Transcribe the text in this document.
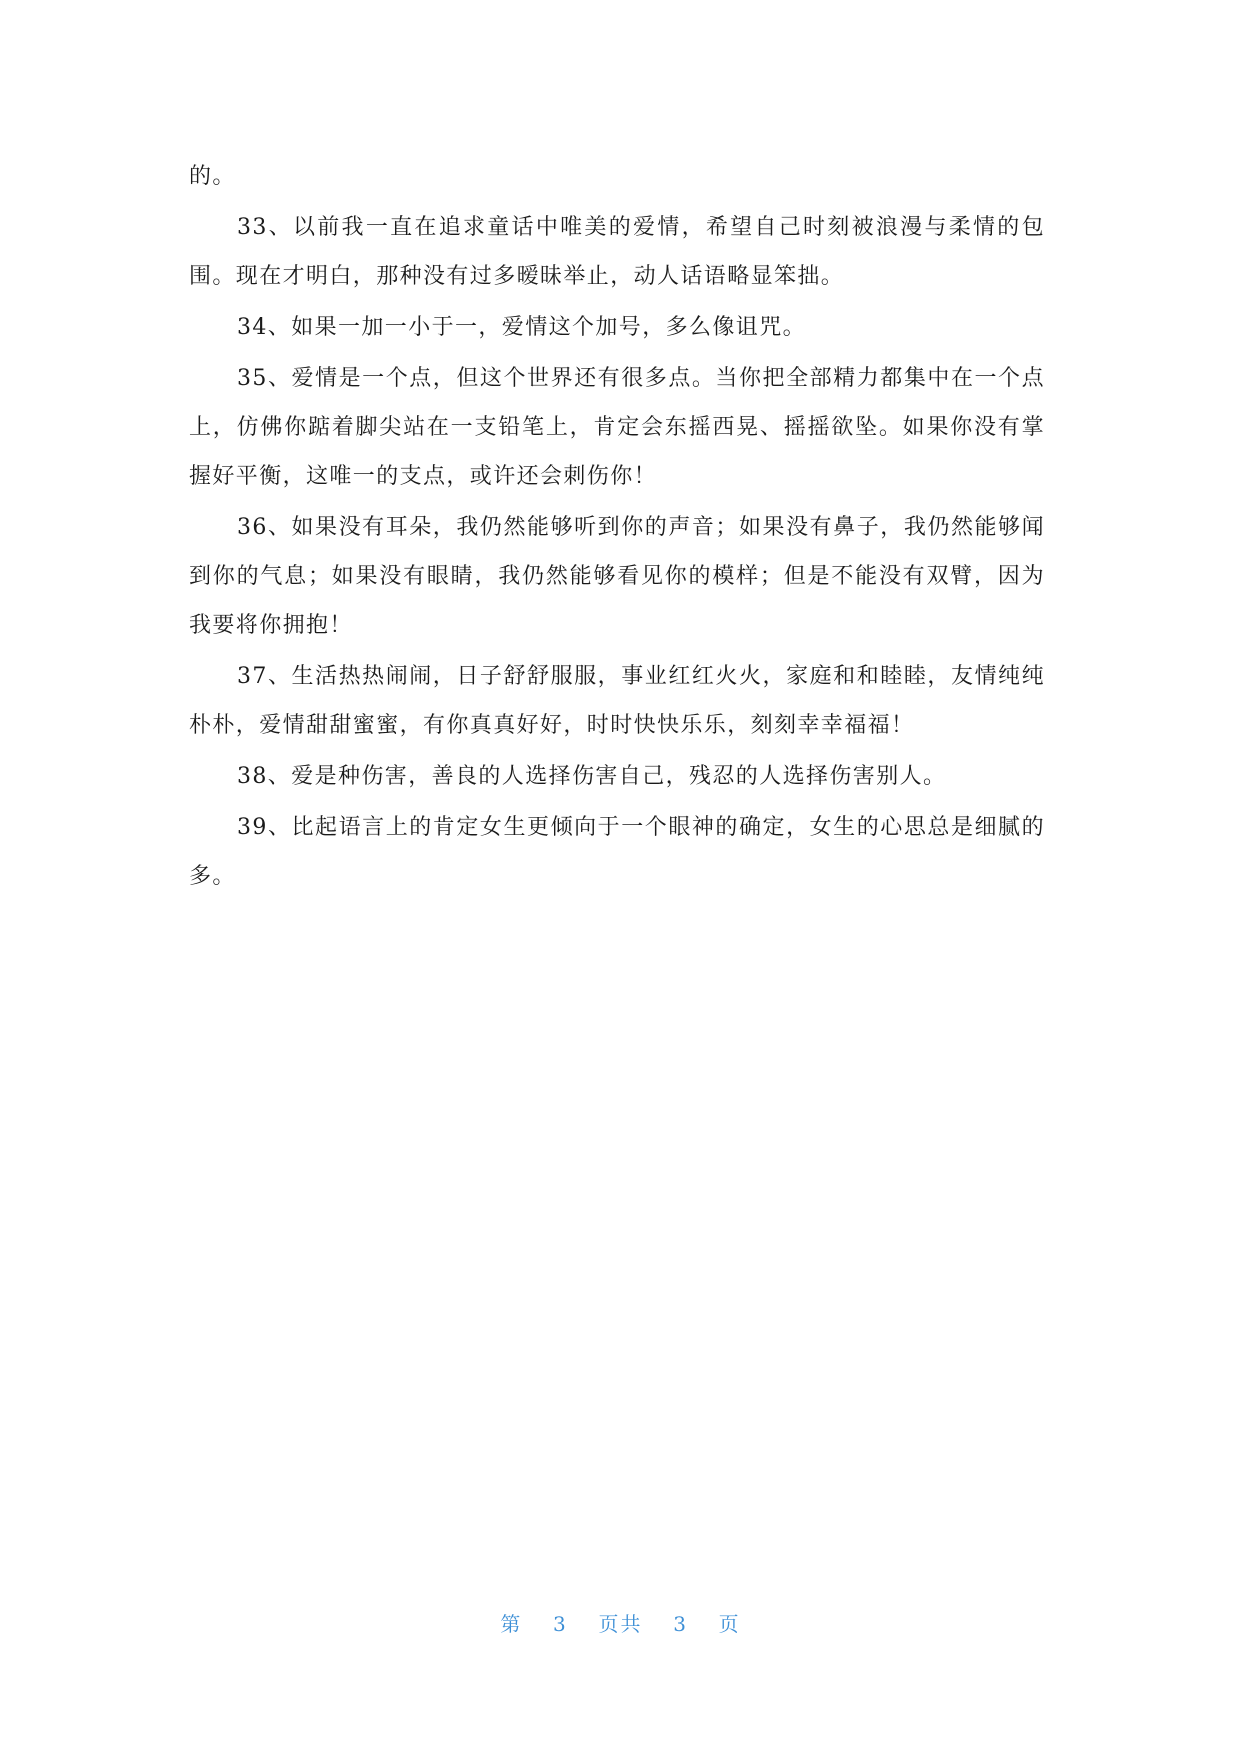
的。

33、以前我一直在追求童话中唯美的爱情，希望自己时刻被浪漫与柔情的包围。现在才明白，那种没有过多暧昧举止，动人话语略显笨拙。

34、如果一加一小于一，爱情这个加号，多么像诅咒。

35、爱情是一个点，但这个世界还有很多点。当你把全部精力都集中在一个点上，仿佛你踮着脚尖站在一支铅笔上，肯定会东摇西晃、摇摇欲坠。如果你没有掌握好平衡，这唯一的支点，或许还会刺伤你！

36、如果没有耳朵，我仍然能够听到你的声音；如果没有鼻子，我仍然能够闻到你的气息；如果没有眼睛，我仍然能够看见你的模样；但是不能没有双臂，因为我要将你拥抱！

37、生活热热闹闹，日子舒舒服服，事业红红火火，家庭和和睦睦，友情纯纯朴朴，爱情甜甜蜜蜜，有你真真好好，时时快快乐乐，刻刻幸幸福福！

38、爱是种伤害，善良的人选择伤害自己，残忍的人选择伤害别人。

39、比起语言上的肯定女生更倾向于一个眼神的确定，女生的心思总是细腻的多。

第 3 页共 3 页
